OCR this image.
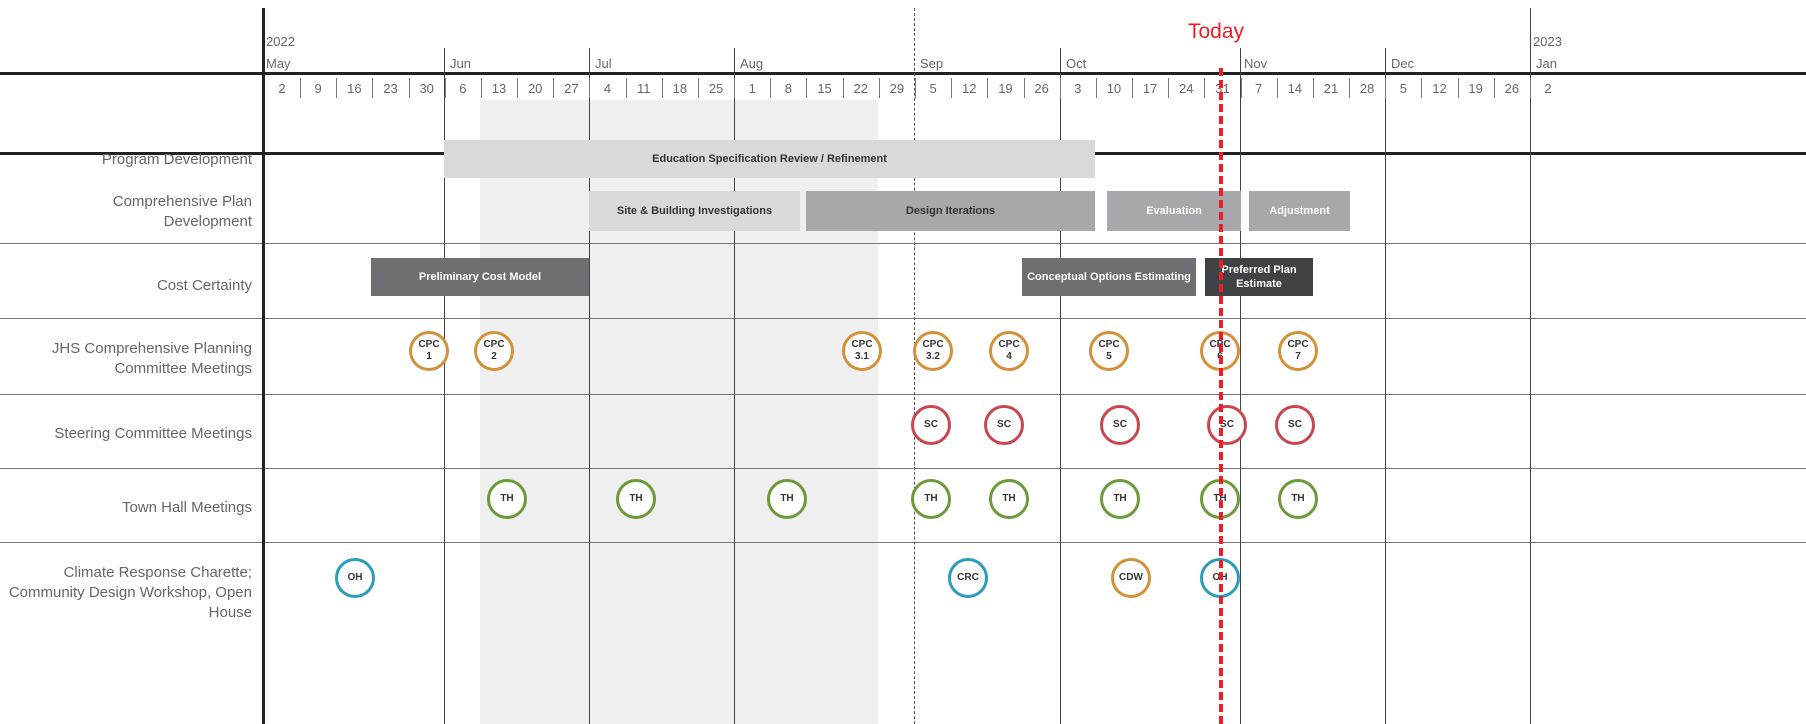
2022	2023
May	Jun	Jul	Aug	Sep	Oct	Nov	Dec	Jan
2	9	16	23	30	6	13	20	27	4	11	18	25	1	8	15	22	29	5	12	19	26	3	10	17	24	31	7	14	21	28	5	12	19	26	2
Program Development
Comprehensive Plan Development
Cost Certainty
JHS Comprehensive Planning Committee Meetings
Steering Committee Meetings
Town Hall Meetings
Climate Response Charette; Community Design Workshop, Open House
Education Specification Review / Refinement
Site & Building Investigations	Design Iterations	Evaluation	Adjustment
Preliminary Cost Model	Conceptual Options Estimating
Preferred Plan Estimate
CPC
1
CPC
2
CPC
3.1
CPC
3.2
CPC
4
CPC
5
CPC
6
CPC
7
SC	SC	SC	SC	SC
TH	TH	TH	TH	TH	TH	TH	TH
OH	CRC	CDW	OH
Today
